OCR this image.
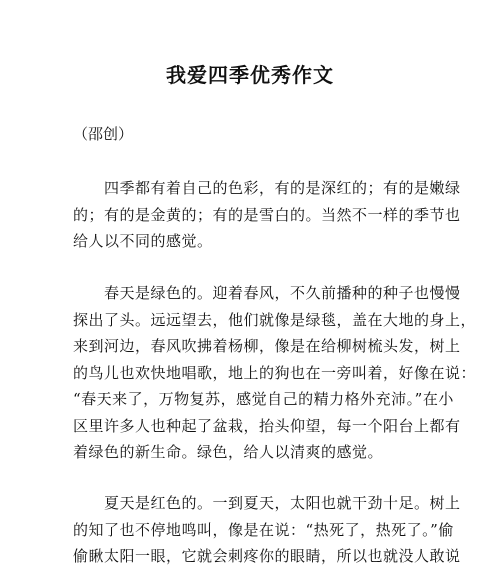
我爱四季优秀作文
（邵创）
　　四季都有着自己的色彩，有的是深红的；有的是嫩绿
的；有的是金黄的；有的是雪白的。当然不一样的季节也
给人以不同的感觉。
　　春天是绿色的。迎着春风，不久前播种的种子也慢慢
探出了头。远远望去，他们就像是绿毯，盖在大地的身上，
来到河边，春风吹拂着杨柳，像是在给柳树梳头发，树上
的鸟儿也欢快地唱歌，地上的狗也在一旁叫着，好像在说：
“春天来了，万物复苏，感觉自己的精力格外充沛。”在小
区里许多人也种起了盆栽，抬头仰望，每一个阳台上都有
着绿色的新生命。绿色，给人以清爽的感觉。
　　夏天是红色的。一到夏天，太阳也就干劲十足。树上
的知了也不停地鸣叫，像是在说：“热死了，热死了。”偷
偷瞅太阳一眼，它就会刺疼你的眼睛，所以也就没人敢说
